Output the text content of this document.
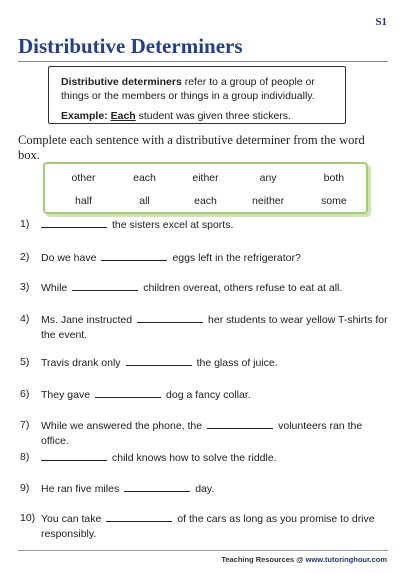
S1
Distributive Determiners
Distributive determiners refer to a group of people or things or the members or things in a group individually.
Example: Each student was given three stickers.
Complete each sentence with a distributive determiner from the word box.
other	each	either	any	both
half	all	each	neither	some
1)	the sisters excel at sports.
2)	Do we have	eggs left in the refrigerator?
3)	While	children overeat, others refuse to eat at all.
4)	Ms. Jane instructed	her students to wear yellow T-shirts for the event.
5)	Travis drank only	the glass of juice.
6)	They gave	dog a fancy collar.
7)	While we answered the phone, the	volunteers ran the office.
8)	child knows how to solve the riddle.
9)	He ran five miles	day.
10) You can take	of the cars as long as you promise to drive responsibly.
Teaching Resources @ www.tutoringhour.com
